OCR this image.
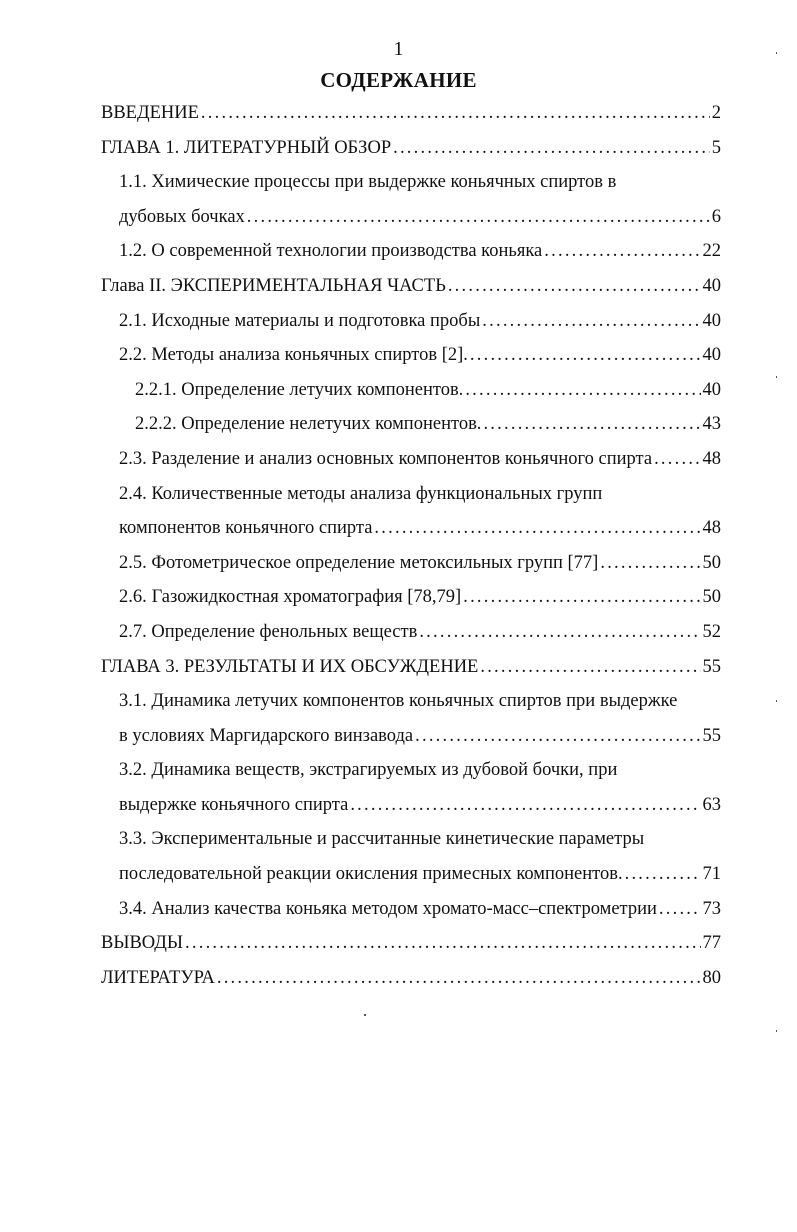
1
СОДЕРЖАНИЕ
ВВЕДЕНИЕ . . .	2
ГЛАВА 1. ЛИТЕРАТУРНЫЙ ОБЗОР . . .	5
1.1. Химические процессы при выдержке коньячных спиртов в
дубовых бочках . . .	6
1.2. О современной технологии производства коньяка . . .	22
Глава II. ЭКСПЕРИМЕНТАЛЬНАЯ ЧАСТЬ . . .	40
2.1. Исходные материалы и подготовка пробы . . .	40
2.2. Методы анализа коньячных спиртов [2]. . . .	40
2.2.1. Определение летучих компонентов. . . .	40
2.2.2. Определение нелетучих компонентов. . . .	43
2.3. Разделение и анализ основных компонентов коньячного спирта . . .	48
2.4. Количественные методы анализа функциональных групп
компонентов коньячного спирта . . .	48
2.5. Фотометрическое определение метоксильных групп [77] . . .	50
2.6. Газожидкостная хроматография [78,79] . . .	50
2.7. Определение фенольных веществ . . .	52
ГЛАВА 3. РЕЗУЛЬТАТЫ И ИХ ОБСУЖДЕНИЕ . . .	55
3.1. Динамика летучих компонентов коньячных спиртов при выдержке
в условиях Маргидарского винзавода . . .	55
3.2. Динамика веществ, экстрагируемых из дубовой бочки, при
выдержке коньячного спирта . . .	63
3.3. Экспериментальные и рассчитанные кинетические параметры
последовательной реакции окисления примесных компонентов. . . .	71
3.4. Анализ качества коньяка методом хромато-масс–спектрометрии . . . 73
ВЫВОДЫ . . .	77
ЛИТЕРАТУРА . . .	80
